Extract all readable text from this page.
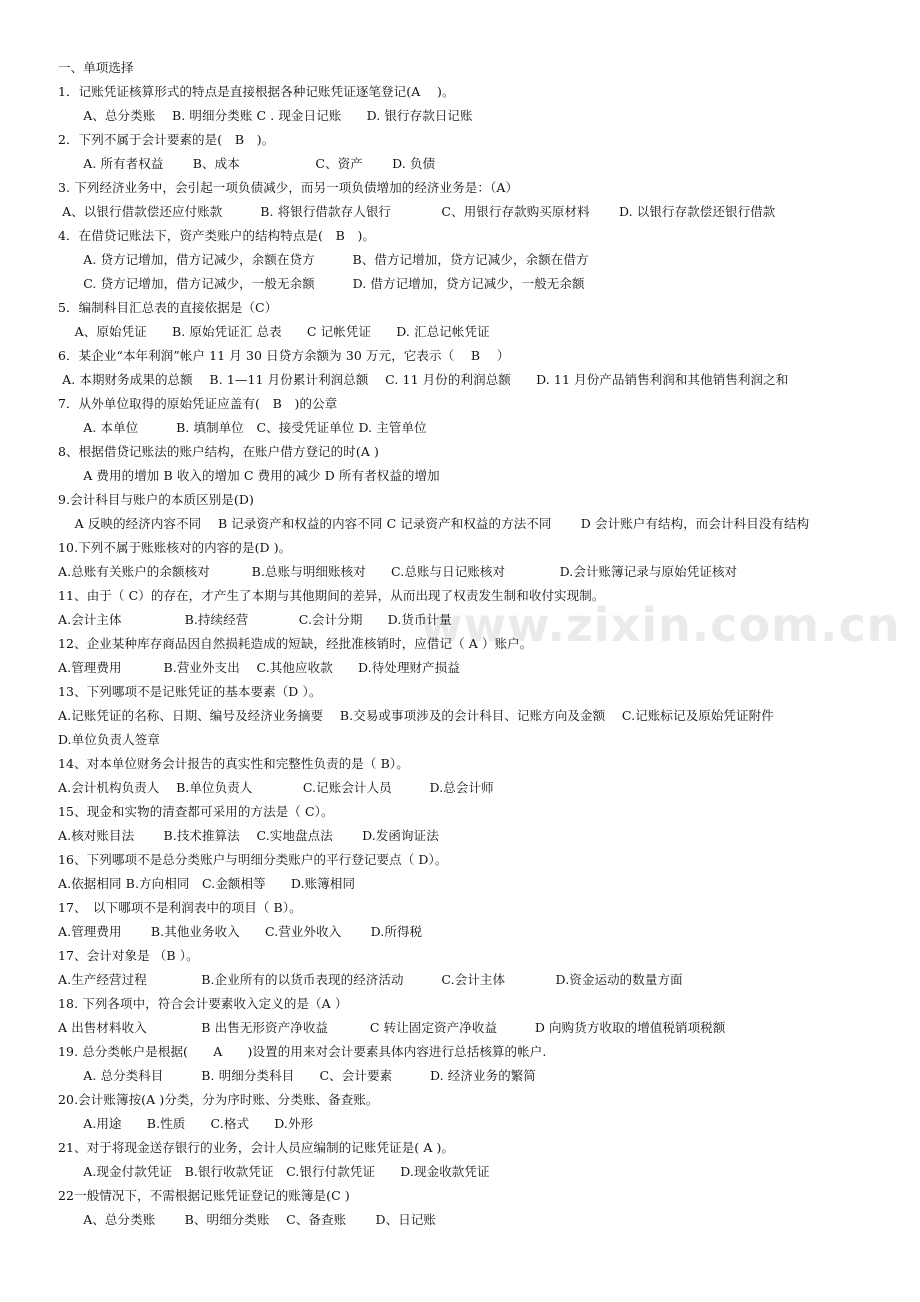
www.zixin.com.cn
一、单项选择
1．记账凭证核算形式的特点是直接根据各种记账凭证逐笔登记(A　 )。
　　A、总分类账　 B. 明细分类账 C . 现金日记账　　D. 银行存款日记账
2．下列不属于会计要素的是(　B　)。
　　A. 所有者权益　　 B、成本　　　　　　C、资产　　 D. 负债
3. 下列经济业务中，会引起一项负债减少，而另一项负债增加的经济业务是：（A）
A、以银行借款偿还应付账款　　　B. 将银行借款存人银行　　　　C、用银行存款购买原材料　　 D. 以银行存款偿还银行借款
4．在借贷记账法下，资产类账户的结构特点是(　B　)。
　　A. 贷方记增加，借方记减少，余额在贷方　　　B、借方记增加，贷方记减少，余额在借方
　　C. 贷方记增加，借方记减少，一般无余额　　　D. 借方记增加，贷方记减少，一般无余额
5．编制科目汇总表的直接依据是（C）
　 A、原始凭证　　B. 原始凭证汇 总表　　C 记帐凭证　　D. 汇总记帐凭证
6．某企业“本年利润”帐户 11 月 30 日贷方余额为 30 万元，它表示（　 B　 ）
A. 本期财务成果的总额　 B. 1—11 月份累计利润总额　 C. 11 月份的利润总额　　D. 11 月份产品销售利润和其他销售利润之和
7．从外单位取得的原始凭证应盖有(　B　)的公章
　　A. 本单位　　　B. 填制单位　C、接受凭证单位 D. 主管单位
8、根据借贷记账法的账户结构，在账户借方登记的时(A )
　　A 费用的增加 B 收入的增加 C 费用的减少 D 所有者权益的增加
9.会计科目与账户的本质区别是(D)
　 A 反映的经济内容不同　 B 记录资产和权益的内容不同 C 记录资产和权益的方法不同　　 D 会计账户有结构，而会计科目没有结构
10.下列不属于账账核对的内容的是(D )。
A.总账有关账户的余额核对　　　 B.总账与明细账核对　　C.总账与日记账核对　　　　 D.会计账簿记录与原始凭证核对
11、由于（ C）的存在，才产生了本期与其他期间的差异，从而出现了权责发生制和收付实现制。
A.会计主体　　　　　B.持续经营　　　　C.会计分期　　D.货币计量
12、企业某种库存商品因自然损耗造成的短缺，经批准核销时，应借记（ A ）账户。
A.管理费用　　　 B.营业外支出　 C.其他应收款　　D.待处理财产损益
13、下列哪项不是记账凭证的基本要素（D ）。
A.记账凭证的名称、日期、编号及经济业务摘要　 B.交易或事项涉及的会计科目、记账方向及金额　 C.记账标记及原始凭证附件
D.单位负责人签章
14、对本单位财务会计报告的真实性和完整性负责的是（ B）。
A.会计机构负责人　 B.单位负责人　　　　C.记账会计人员　　　D.总会计师
15、现金和实物的清查都可采用的方法是（ C）。
A.核对账目法　　 B.技术推算法　 C.实地盘点法　　 D.发函询证法
16、下列哪项不是总分类账户与明细分类账户的平行登记要点（ D）。
A.依据相同 B.方向相同　C.金额相等　　D.账簿相同
17、　以下哪项不是利润表中的项目（ B）。
A.管理费用　　 B.其他业务收入　　C.营业外收入　　 D.所得税
17、会计对象是 （B ）。
A.生产经营过程　　　　 B.企业所有的以货币表现的经济活动　　　C.会计主体　　　　D.资金运动的数量方面
18. 下列各项中，符合会计要素收入定义的是（A ）
A 出售材料收入　　　　 B 出售无形资产净收益　　　 C 转让固定资产净收益　　　D 向购货方收取的增值税销项税额
19. 总分类帐户是根据(　　A　　)设置的用来对会计要素具体内容进行总括核算的帐户.
　　A. 总分类科目　　　B. 明细分类科目　　C、会计要素　　　D. 经济业务的繁简
20.会计账簿按(A )分类，分为序时账、分类账、备查账。
　　A.用途　　B.性质　　C.格式　　D.外形
21、对于将现金送存银行的业务，会计人员应编制的记账凭证是( A )。
　　A.现金付款凭证　B.银行收款凭证　C.银行付款凭证　　D.现金收款凭证
22一般情况下，不需根据记账凭证登记的账簿是(C )
　　A、总分类账　　 B、明细分类账　 C、备查账　　 D、日记账
